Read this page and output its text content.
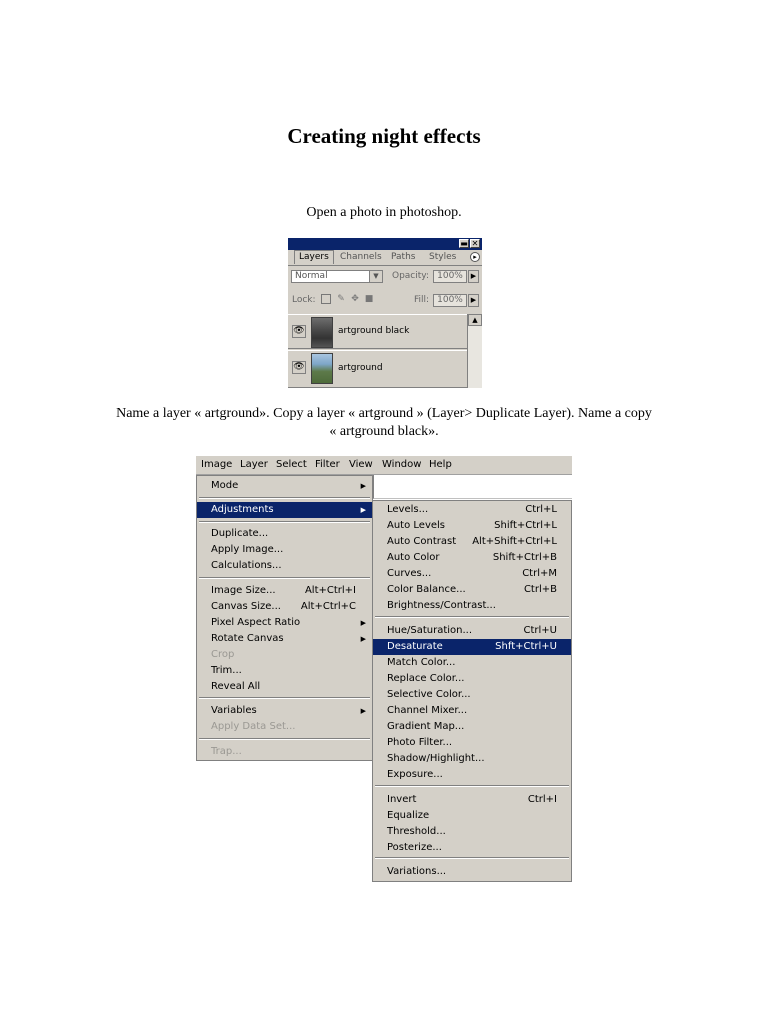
Creating night effects
Open a photo in photoshop.
▬ ✕
Layers	Channels	Paths	Styles	▸
Normal	▼	Opacity: 100%	▶
Lock: ✎ ✥ ■	Fill: 100%	▶
👁	artground black
👁	artground
▲
Name a layer « artground». Copy a layer « artground » (Layer> Duplicate Layer). Name a copy « artground black».
Image Layer Select Filter View Window Help
Mode	▶
Adjustments	▶
Duplicate...
Apply Image...
Calculations...
Image Size...	Alt+Ctrl+I
Canvas Size... Alt+Ctrl+C
Pixel Aspect Ratio	▶
Rotate Canvas	▶
Crop
Trim...
Reveal All
Variables	▶
Apply Data Set...
Trap...
Levels...	Ctrl+L
Auto Levels	Shift+Ctrl+L
Auto Contrast Alt+Shift+Ctrl+L
Auto Color	Shift+Ctrl+B
Curves...	Ctrl+M
Color Balance...	Ctrl+B
Brightness/Contrast...
Hue/Saturation...	Ctrl+U
Desaturate	Shft+Ctrl+U
Match Color...
Replace Color...
Selective Color...
Channel Mixer...
Gradient Map...
Photo Filter...
Shadow/Highlight...
Exposure...
Invert	Ctrl+I
Equalize
Threshold...
Posterize...
Variations...
